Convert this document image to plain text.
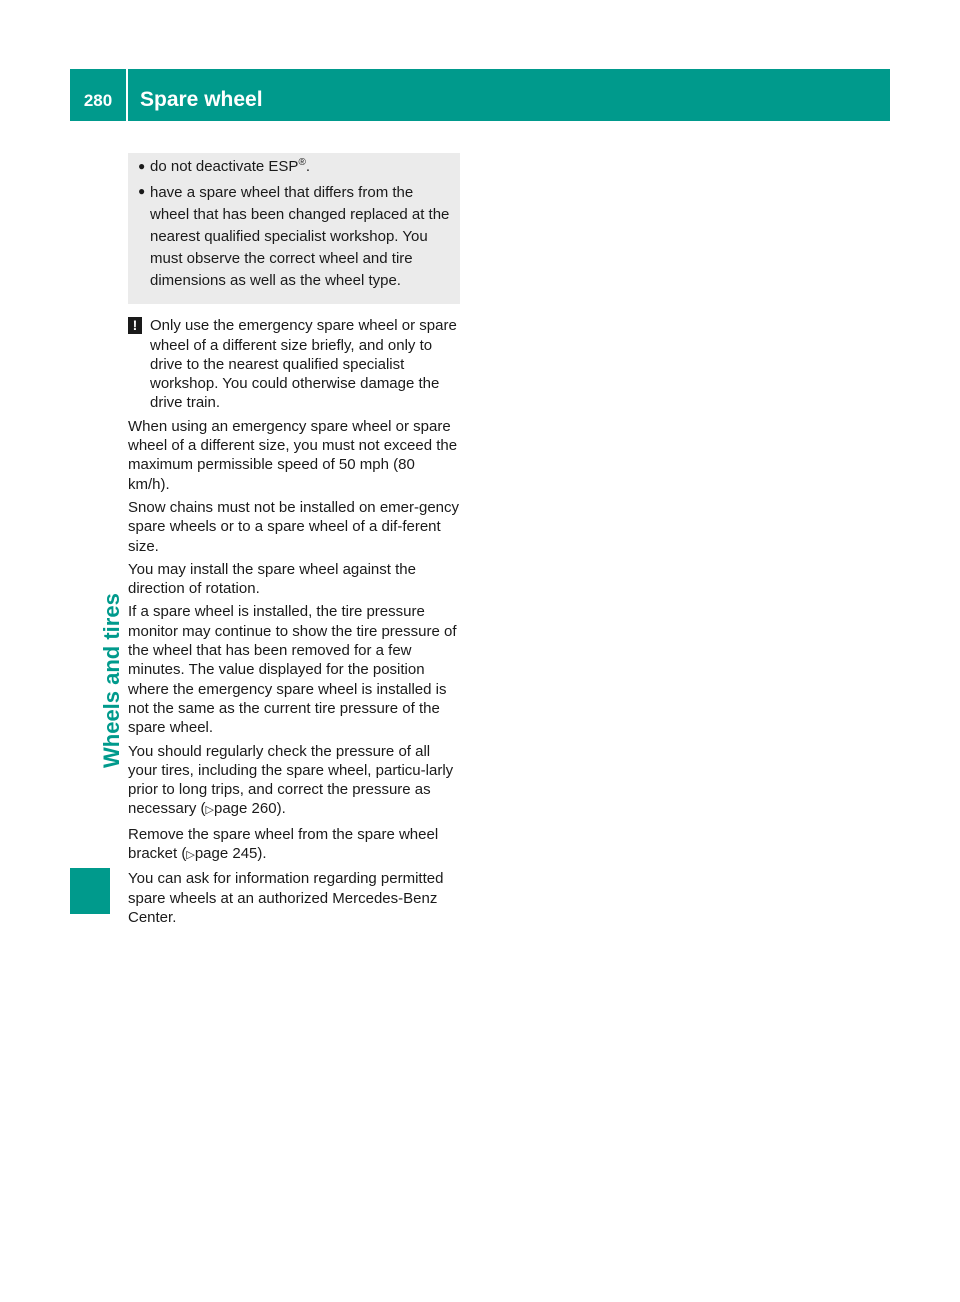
280	Spare wheel
Wheels and tires
● do not deactivate ESP®.
● have a spare wheel that differs from the wheel that has been changed replaced at the nearest qualified specialist workshop. You must observe the correct wheel and tire dimensions as well as the wheel type.
! Only use the emergency spare wheel or spare wheel of a different size briefly, and only to drive to the nearest qualified specialist workshop. You could otherwise damage the drive train.

When using an emergency spare wheel or spare wheel of a different size, you must not exceed the maximum permissible speed of 50 mph (80 km/h).

Snow chains must not be installed on emer-gency spare wheels or to a spare wheel of a dif-ferent size.

You may install the spare wheel against the direction of rotation.

If a spare wheel is installed, the tire pressure monitor may continue to show the tire pressure of the wheel that has been removed for a few minutes. The value displayed for the position where the emergency spare wheel is installed is not the same as the current tire pressure of the spare wheel.

You should regularly check the pressure of all your tires, including the spare wheel, particu-larly prior to long trips, and correct the pressure as necessary (▷page 260).

Remove the spare wheel from the spare wheel bracket (▷page 245).

You can ask for information regarding permitted spare wheels at an authorized Mercedes-Benz Center.
